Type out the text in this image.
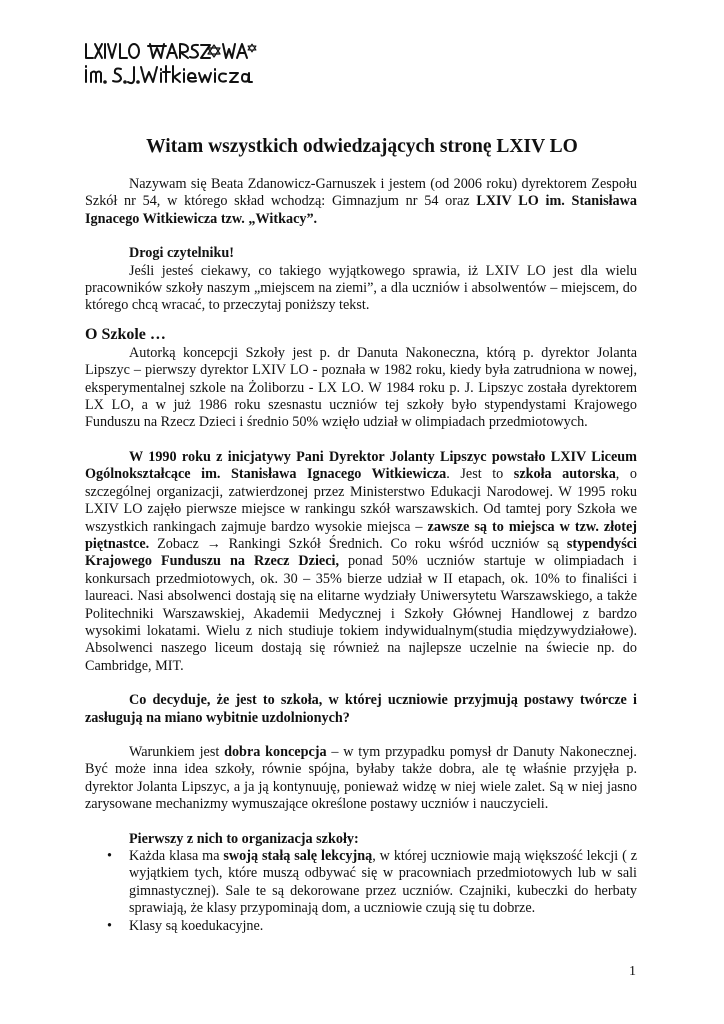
Witam wszystkich odwiedzających stronę LXIV LO

Nazywam się Beata Zdanowicz-Garnuszek i jestem (od 2006 roku) dyrektorem Zespołu Szkół nr 54, w którego skład wchodzą: Gimnazjum nr 54 oraz LXIV LO im. Stanisława Ignacego Witkiewicza tzw. „Witkacy”.

Drogi czytelniku!

Jeśli jesteś ciekawy, co takiego wyjątkowego sprawia, iż LXIV LO jest dla wielu pracowników szkoły naszym „miejscem na ziemi”, a dla uczniów i absolwentów – miejscem, do którego chcą wracać, to przeczytaj poniższy tekst.

O Szkole …

Autorką koncepcji Szkoły jest p. dr Danuta Nakoneczna, którą p. dyrektor Jolanta Lipszyc – pierwszy dyrektor LXIV LO - poznała w 1982 roku, kiedy była zatrudniona w nowej, eksperymentalnej szkole na Żoliborzu - LX LO. W 1984 roku p. J. Lipszyc została dyrektorem LX LO, a w już 1986 roku szesnastu uczniów tej szkoły było stypendystami Krajowego Funduszu na Rzecz Dzieci i średnio 50% wzięło udział w olimpiadach przedmiotowych.

W 1990 roku z inicjatywy Pani Dyrektor Jolanty Lipszyc powstało LXIV Liceum Ogólnokształcące im. Stanisława Ignacego Witkiewicza. Jest to szkoła autorska, o szczególnej organizacji, zatwierdzonej przez Ministerstwo Edukacji Narodowej. W 1995 roku LXIV LO zajęło pierwsze miejsce w rankingu szkół warszawskich. Od tamtej pory Szkoła we wszystkich rankingach zajmuje bardzo wysokie miejsca – zawsze są to miejsca w tzw. złotej piętnastce. Zobacz → Rankingi Szkół Średnich. Co roku wśród uczniów są stypendyści Krajowego Funduszu na Rzecz Dzieci, ponad 50% uczniów startuje w olimpiadach i konkursach przedmiotowych, ok. 30 – 35% bierze udział w II etapach, ok. 10% to finaliści i laureaci. Nasi absolwenci dostają się na elitarne wydziały Uniwersytetu Warszawskiego, a także Politechniki Warszawskiej, Akademii Medycznej i Szkoły Głównej Handlowej z bardzo wysokimi lokatami. Wielu z nich studiuje tokiem indywidualnym(studia międzywydziałowe). Absolwenci naszego liceum dostają się również na najlepsze uczelnie na świecie np. do Cambridge, MIT.

Co decyduje, że jest to szkoła, w której uczniowie przyjmują postawy twórcze i zasługują na miano wybitnie uzdolnionych?

Warunkiem jest dobra koncepcja – w tym przypadku pomysł dr Danuty Nakonecznej. Być może inna idea szkoły, równie spójna, byłaby także dobra, ale tę właśnie przyjęła p. dyrektor Jolanta Lipszyc, a ja ją kontynuuję, ponieważ widzę w niej wiele zalet. Są w niej jasno zarysowane mechanizmy wymuszające określone postawy uczniów i nauczycieli.

Pierwszy z nich to organizacja szkoły:

• Każda klasa ma swoją stałą salę lekcyjną, w której uczniowie mają większość lekcji ( z wyjątkiem tych, które muszą odbywać się w pracowniach przedmiotowych lub w sali gimnastycznej). Sale te są dekorowane przez uczniów. Czajniki, kubeczki do herbaty sprawiają, że klasy przypominają dom, a uczniowie czują się tu dobrze.
• Klasy są koedukacyjne.
1
